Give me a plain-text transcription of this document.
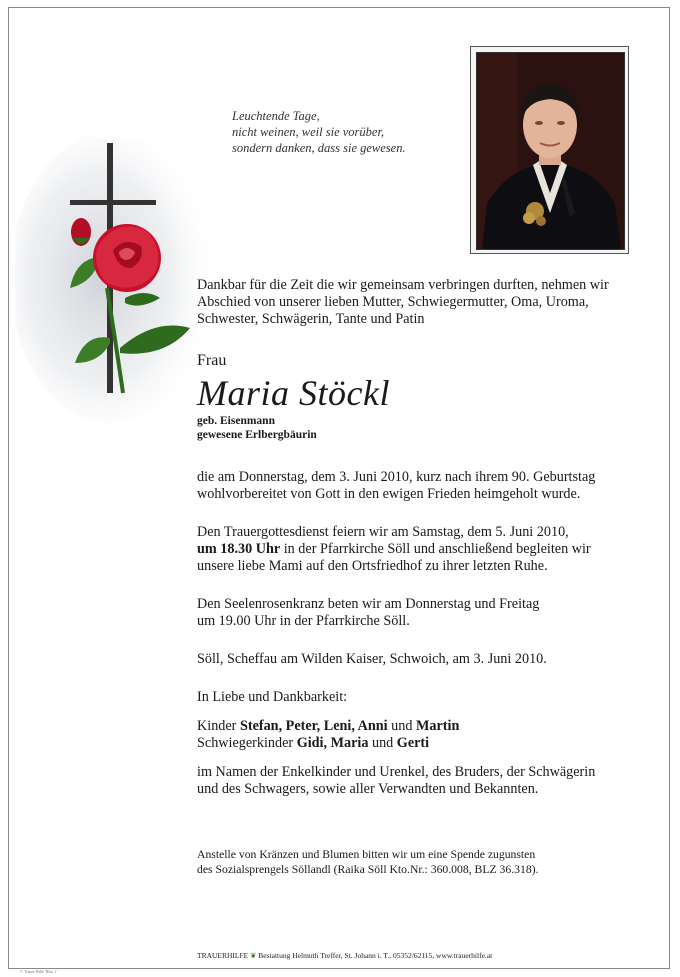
Leuchtende Tage,
nicht weinen, weil sie vorüber,
sondern danken, dass sie gewesen.
Dankbar für die Zeit die wir gemeinsam verbringen durften, nehmen wir
Abschied von unserer lieben Mutter, Schwiegermutter, Oma, Uroma,
Schwester, Schwägerin, Tante und Patin
Frau
Maria Stöckl
geb. Eisenmann
gewesene Erlbergbäurin
die am Donnerstag, dem 3. Juni 2010, kurz nach ihrem 90. Geburtstag
wohlvorbereitet von Gott in den ewigen Frieden heimgeholt wurde.
Den Trauergottesdienst feiern wir am Samstag, dem 5. Juni 2010,
um 18.30 Uhr in der Pfarrkirche Söll und anschließend begleiten wir
unsere liebe Mami auf den Ortsfriedhof zu ihrer letzten Ruhe.
Den Seelenrosenkranz beten wir am Donnerstag und Freitag
um 19.00 Uhr in der Pfarrkirche Söll.
Söll, Scheffau am Wilden Kaiser, Schwoich, am 3. Juni 2010.
In Liebe und Dankbarkeit:
Kinder Stefan, Peter, Leni, Anni und Martin
Schwiegerkinder Gidi, Maria und Gerti
im Namen der Enkelkinder und Urenkel, des Bruders, der Schwägerin
und des Schwagers, sowie aller Verwandten und Bekannten.
Anstelle von Kränzen und Blumen bitten wir um eine Spende zugunsten
des Sozialsprengels Söllandl (Raika Söll Kto.Nr.: 360.008, BLZ 36.318).
TRAUERHILFE ❦ Bestattung Helmuth Treffer, St. Johann i. T., 05352/62115, www.trauerhilfe.at
© Trauer-Hilfe 'Blau 1'
